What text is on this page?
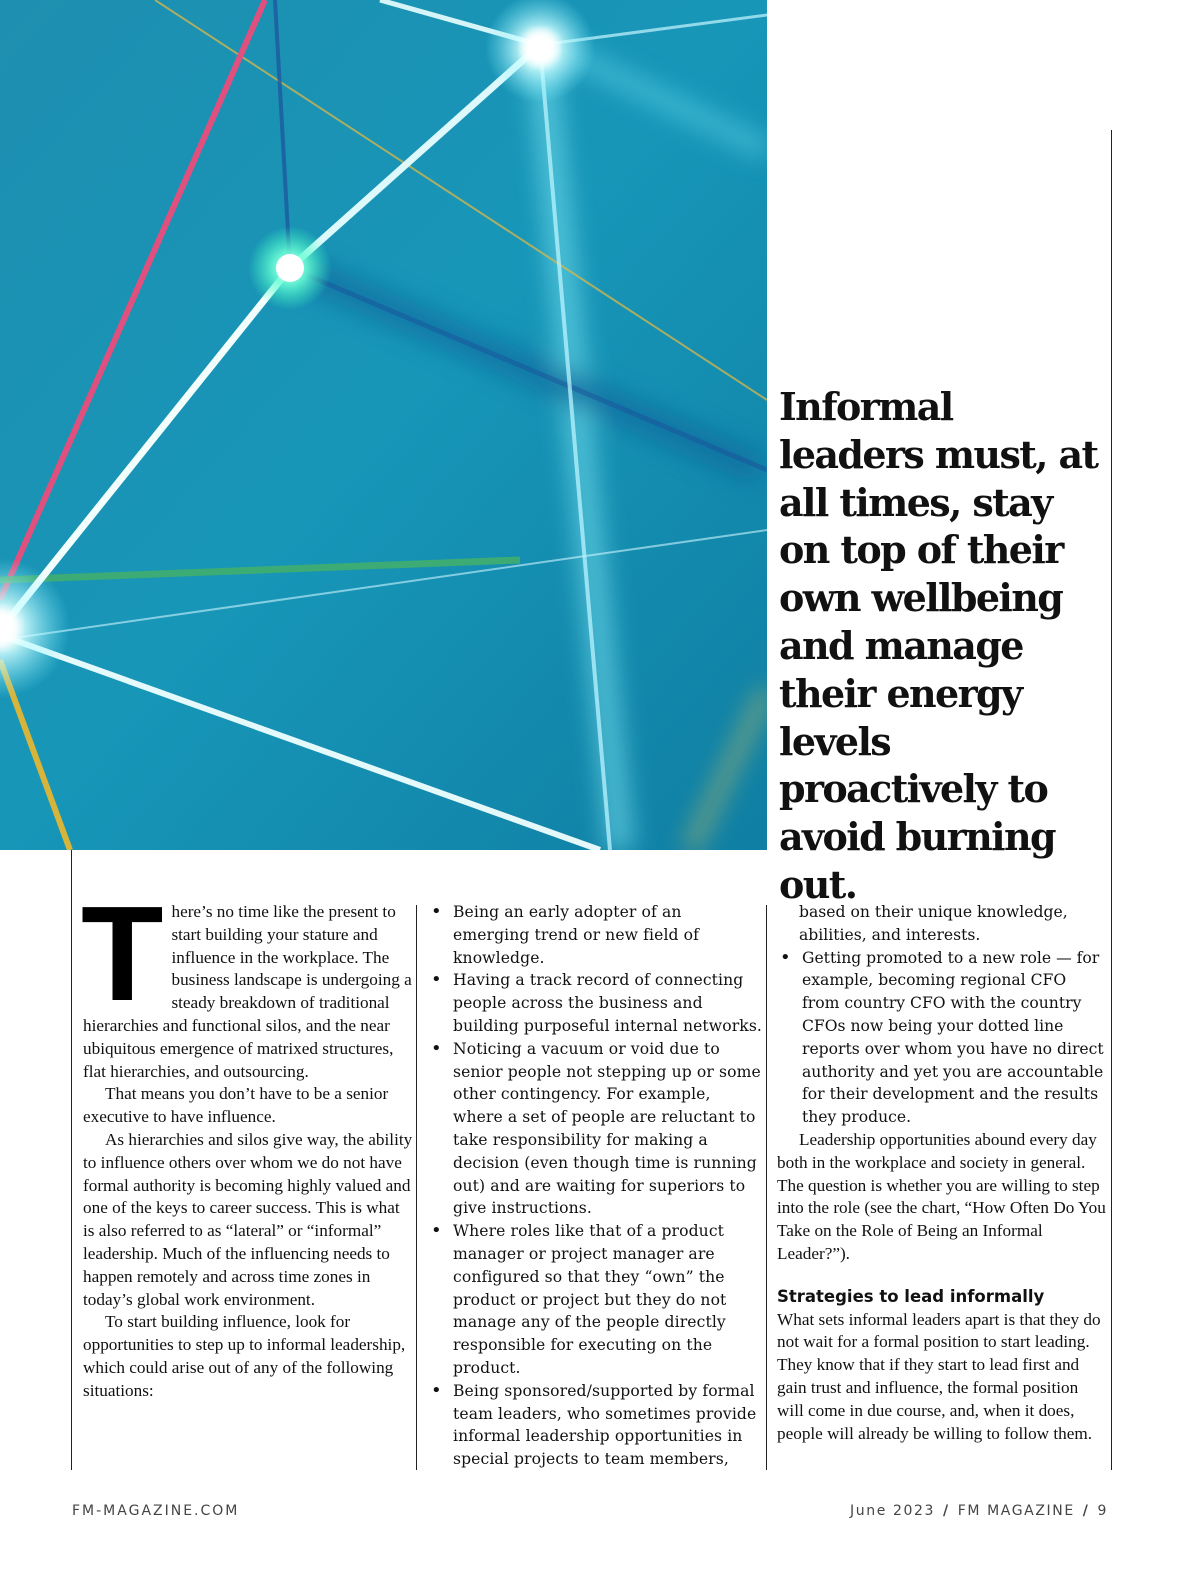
Informal leaders must, at all times, stay on top of their own wellbeing and manage their energy levels proactively to avoid burning out.

T here’s no time like the present to start building your stature and influence in the workplace. The business landscape is undergoing a steady breakdown of traditional hierarchies and functional silos, and the near ubiquitous emergence of matrixed structures, flat hierarchies, and outsourcing.

That means you don’t have to be a senior executive to have influence.

As hierarchies and silos give way, the ability to influence others over whom we do not have formal authority is becoming highly valued and one of the keys to career success. This is what is also referred to as “lateral” or “informal” leadership. Much of the influencing needs to happen remotely and across time zones in today’s global work environment.

To start building influence, look for opportunities to step up to informal leadership, which could arise out of any of the following situations:

• Being an early adopter of an emerging trend or new field of knowledge.
• Having a track record of connecting people across the business and building purposeful internal networks.
• Noticing a vacuum or void due to senior people not stepping up or some other contingency. For example, where a set of people are reluctant to take responsibility for making a decision (even though time is running out) and are waiting for superiors to give instructions.
• Where roles like that of a product manager or project manager are configured so that they “own” the product or project but they do not manage any of the people directly responsible for executing on the product.
• Being sponsored/supported by formal team leaders, who sometimes provide informal leadership opportunities in special projects to team members,

based on their unique knowledge, abilities, and interests.

• Getting promoted to a new role — for example, becoming regional CFO from country CFO with the country CFOs now being your dotted line reports over whom you have no direct authority and yet you are accountable for their development and the results they produce.

Leadership opportunities abound every day both in the workplace and society in general. The question is whether you are willing to step into the role (see the chart, “How Often Do You Take on the Role of Being an Informal Leader?”).

Strategies to lead informally

What sets informal leaders apart is that they do not wait for a formal position to start leading. They know that if they start to lead first and gain trust and influence, the formal position will come in due course, and, when it does, people will already be willing to follow them.

FM-MAGAZINE.COM	June 2023 / FM MAGAZINE / 9
